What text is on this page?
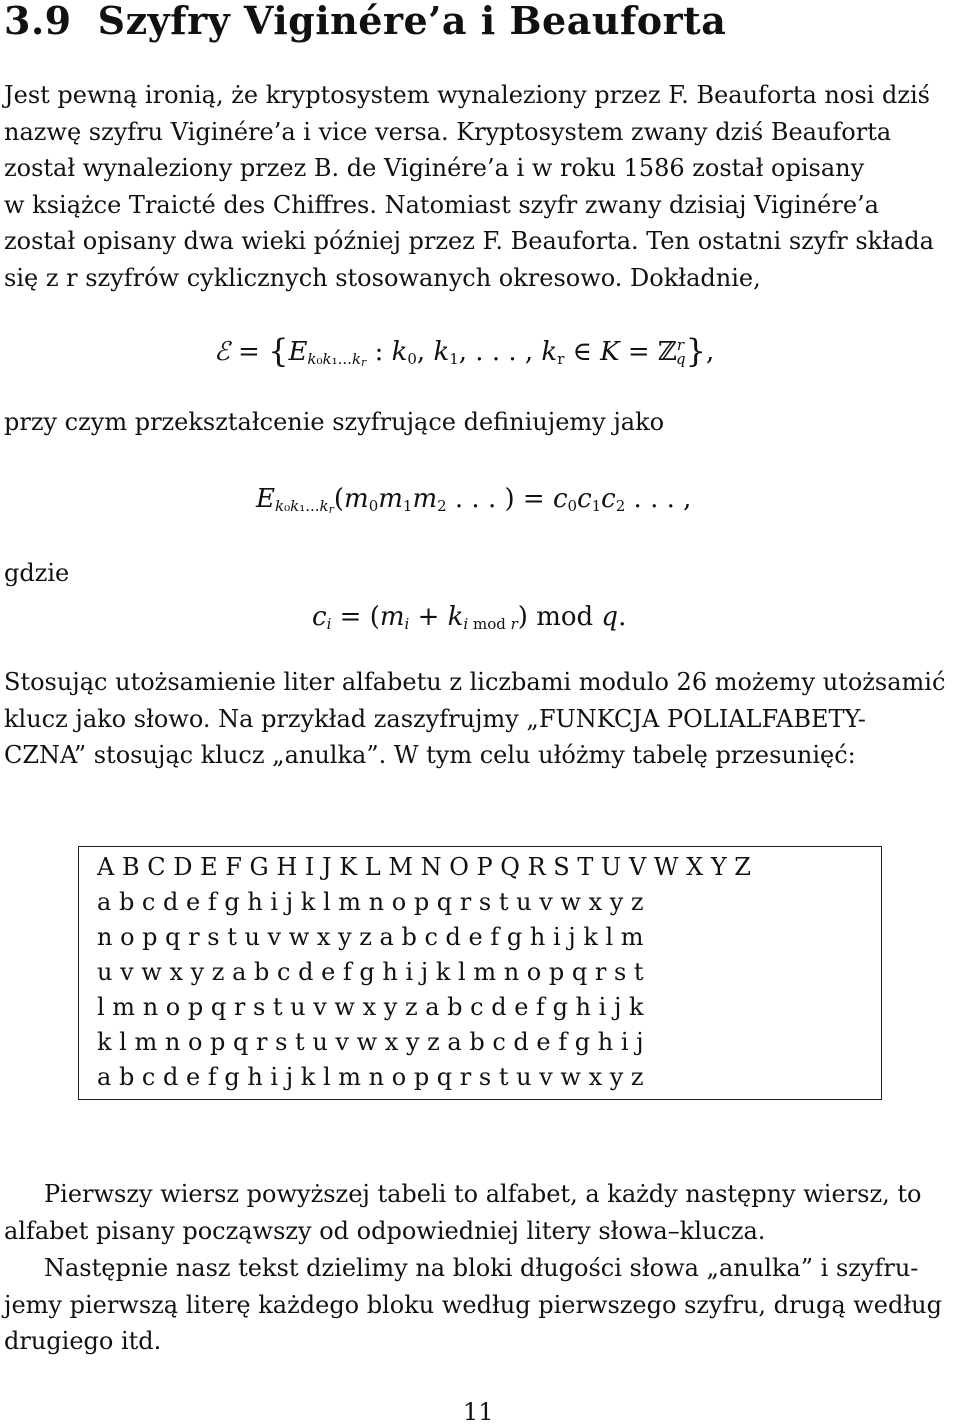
3.9 Szyfry Viginére’a i Beauforta
Jest pewną ironią, że kryptosystem wynaleziony przez F. Beauforta nosi dziś
nazwę szyfru Viginére’a i vice versa. Kryptosystem zwany dziś Beauforta
został wynaleziony przez B. de Viginére’a i w roku 1586 został opisany
w książce Traicté des Chiffres. Natomiast szyfr zwany dzisiaj Viginére’a
został opisany dwa wieki później przez F. Beauforta. Ten ostatni szyfr składa
się z r szyfrów cyklicznych stosowanych okresowo. Dokładnie,
ℰ = {$E_{k_0k_1...k_r}$ : $k_0$, $k_1$, . . . , $k_r$ ∈ K = ℤ$^r_q$},
przy czym przekształcenie szyfrujące definiujemy jako
$E_{k_0k_1...k_r}(m_0m_1m_2$ . . . ) = $c_0c_1c_2$ . . . ,
gdzie
$c_i = (m_i + k_{i mod r})$ mod q.
Stosując utożsamienie liter alfabetu z liczbami modulo 26 możemy utożsamić
klucz jako słowo. Na przykład zaszyfrujmy „FUNKCJA POLIALFABETY-
CZNA” stosując klucz „anulka”. W tym celu ułóżmy tabelę przesunięć:
A B C D E F G H I J K L M N O P Q R S T U V W X Y Z
a b c d e f g h i j k l m n o p q r s t u v w x y z
n o p q r s t u v w x y z a b c d e f g h i j k l m
u v w x y z a b c d e f g h i j k l m n o p q r s t
l m n o p q r s t u v w x y z a b c d e f g h i j k
k l m n o p q r s t u v w x y z a b c d e f g h i j
a b c d e f g h i j k l m n o p q r s t u v w x y z
Pierwszy wiersz powyższej tabeli to alfabet, a każdy następny wiersz, to
alfabet pisany począwszy od odpowiedniej litery słowa–klucza.
Następnie nasz tekst dzielimy na bloki długości słowa „anulka” i szyfru-
jemy pierwszą literę każdego bloku według pierwszego szyfru, drugą według
drugiego itd.
11
